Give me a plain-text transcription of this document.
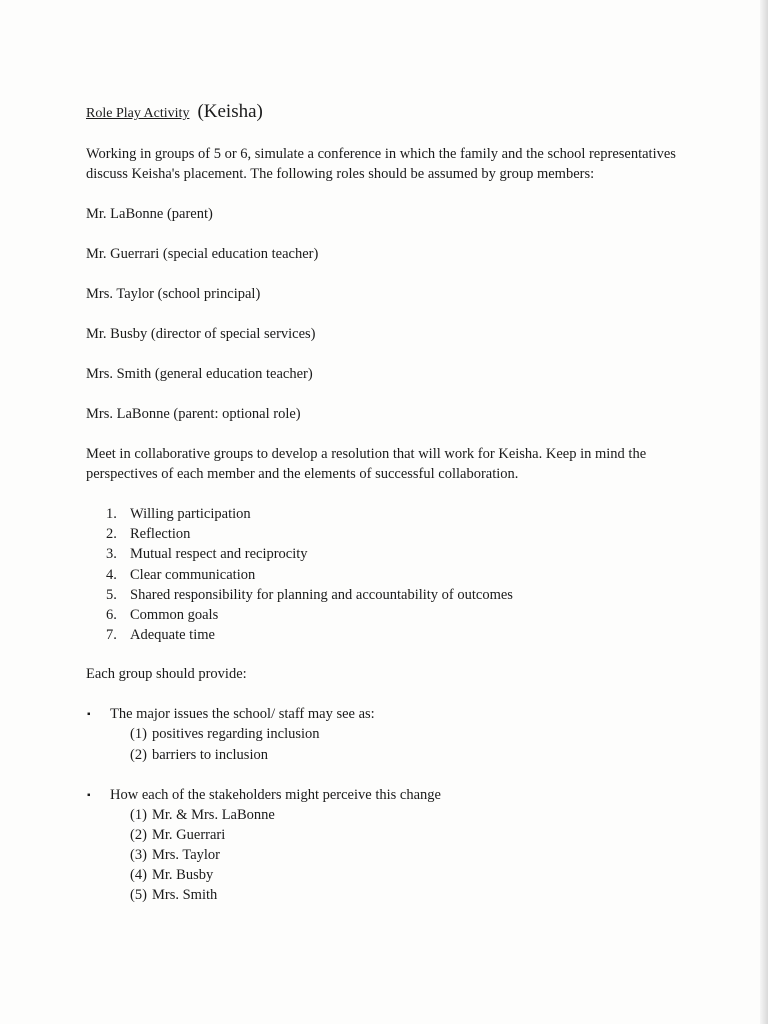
Role Play Activity (Keisha)

Working in groups of 5 or 6, simulate a conference in which the family and the school representatives discuss Keisha's placement. The following roles should be assumed by group members:

Mr. LaBonne (parent)

Mr. Guerrari (special education teacher)

Mrs. Taylor (school principal)

Mr. Busby (director of special services)

Mrs. Smith (general education teacher)

Mrs. LaBonne (parent: optional role)

Meet in collaborative groups to develop a resolution that will work for Keisha. Keep in mind the perspectives of each member and the elements of successful collaboration.

1. Willing participation
2. Reflection
3. Mutual respect and reciprocity
4. Clear communication
5. Shared responsibility for planning and accountability of outcomes
6. Common goals
7. Adequate time

Each group should provide:

▪ The major issues the school/ staff may see as:
(1) positives regarding inclusion
(2) barriers to inclusion
▪ How each of the stakeholders might perceive this change
(1) Mr. & Mrs. LaBonne
(2) Mr. Guerrari
(3) Mrs. Taylor
(4) Mr. Busby
(5) Mrs. Smith
